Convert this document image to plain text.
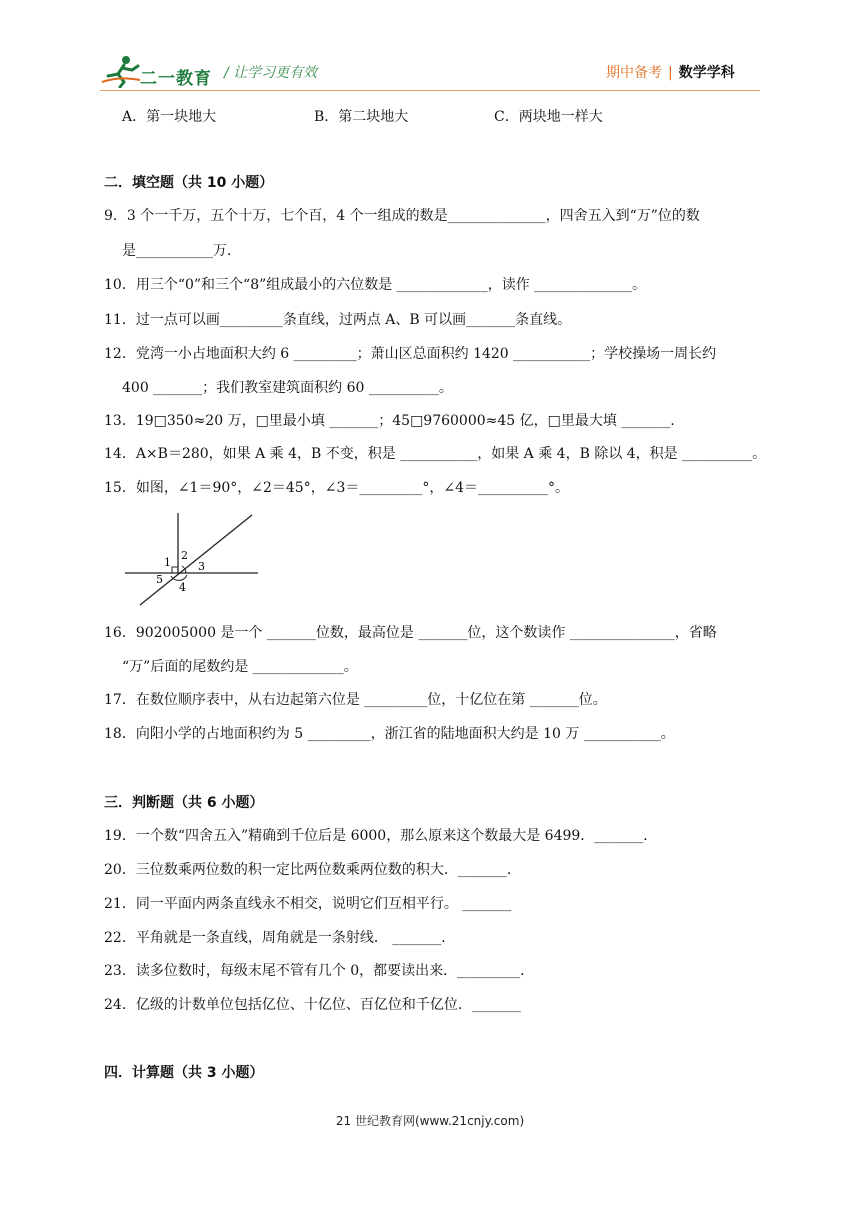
二一教育 / 让学习更有效	期中备考 | 数学学科
A．第一块地大	B．第二块地大	C．两块地一样大
二．填空题（共 10 小题）
9．3 个一千万，五个十万，七个百，4 个一组成的数是______________，四舍五入到“万”位的数
是___________万．
10．用三个“0”和三个“8”组成最小的六位数是 _____________，读作 ______________。
11．过一点可以画_________条直线，过两点 A、B 可以画_______条直线。
12．党湾一小占地面积大约 6 _________；萧山区总面积约 1420 ___________；学校操场一周长约
400 _______；我们教室建筑面积约 60 __________。
13．19□350≈20 万，□里最小填 _______；45□9760000≈45 亿，□里最大填 _______．
14．A×B＝280，如果 A 乘 4，B 不变，积是 ___________，如果 A 乘 4，B 除以 4，积是 __________。
15．如图，∠1＝90°，∠2＝45°，∠3＝_________°，∠4＝__________°。
1
2
3
4
5
16．902005000 是一个 _______位数，最高位是 _______位，这个数读作 _______________，省略
“万”后面的尾数约是 _____________。
17．在数位顺序表中，从右边起第六位是 _________位，十亿位在第 _______位。
18．向阳小学的占地面积约为 5 _________，浙江省的陆地面积大约是 10 万 ___________。
三．判断题（共 6 小题）
19．一个数“四舍五入”精确到千位后是 6000，那么原来这个数最大是 6499．_______．
20．三位数乘两位数的积一定比两位数乘两位数的积大．_______．
21．同一平面内两条直线永不相交，说明它们互相平行。 _______
22．平角就是一条直线，周角就是一条射线． _______．
23．读多位数时，每级末尾不管有几个 0，都要读出来．_________．
24．亿级的计数单位包括亿位、十亿位、百亿位和千亿位．_______
四．计算题（共 3 小题）
21 世纪教育网(www.21cnjy.com)
